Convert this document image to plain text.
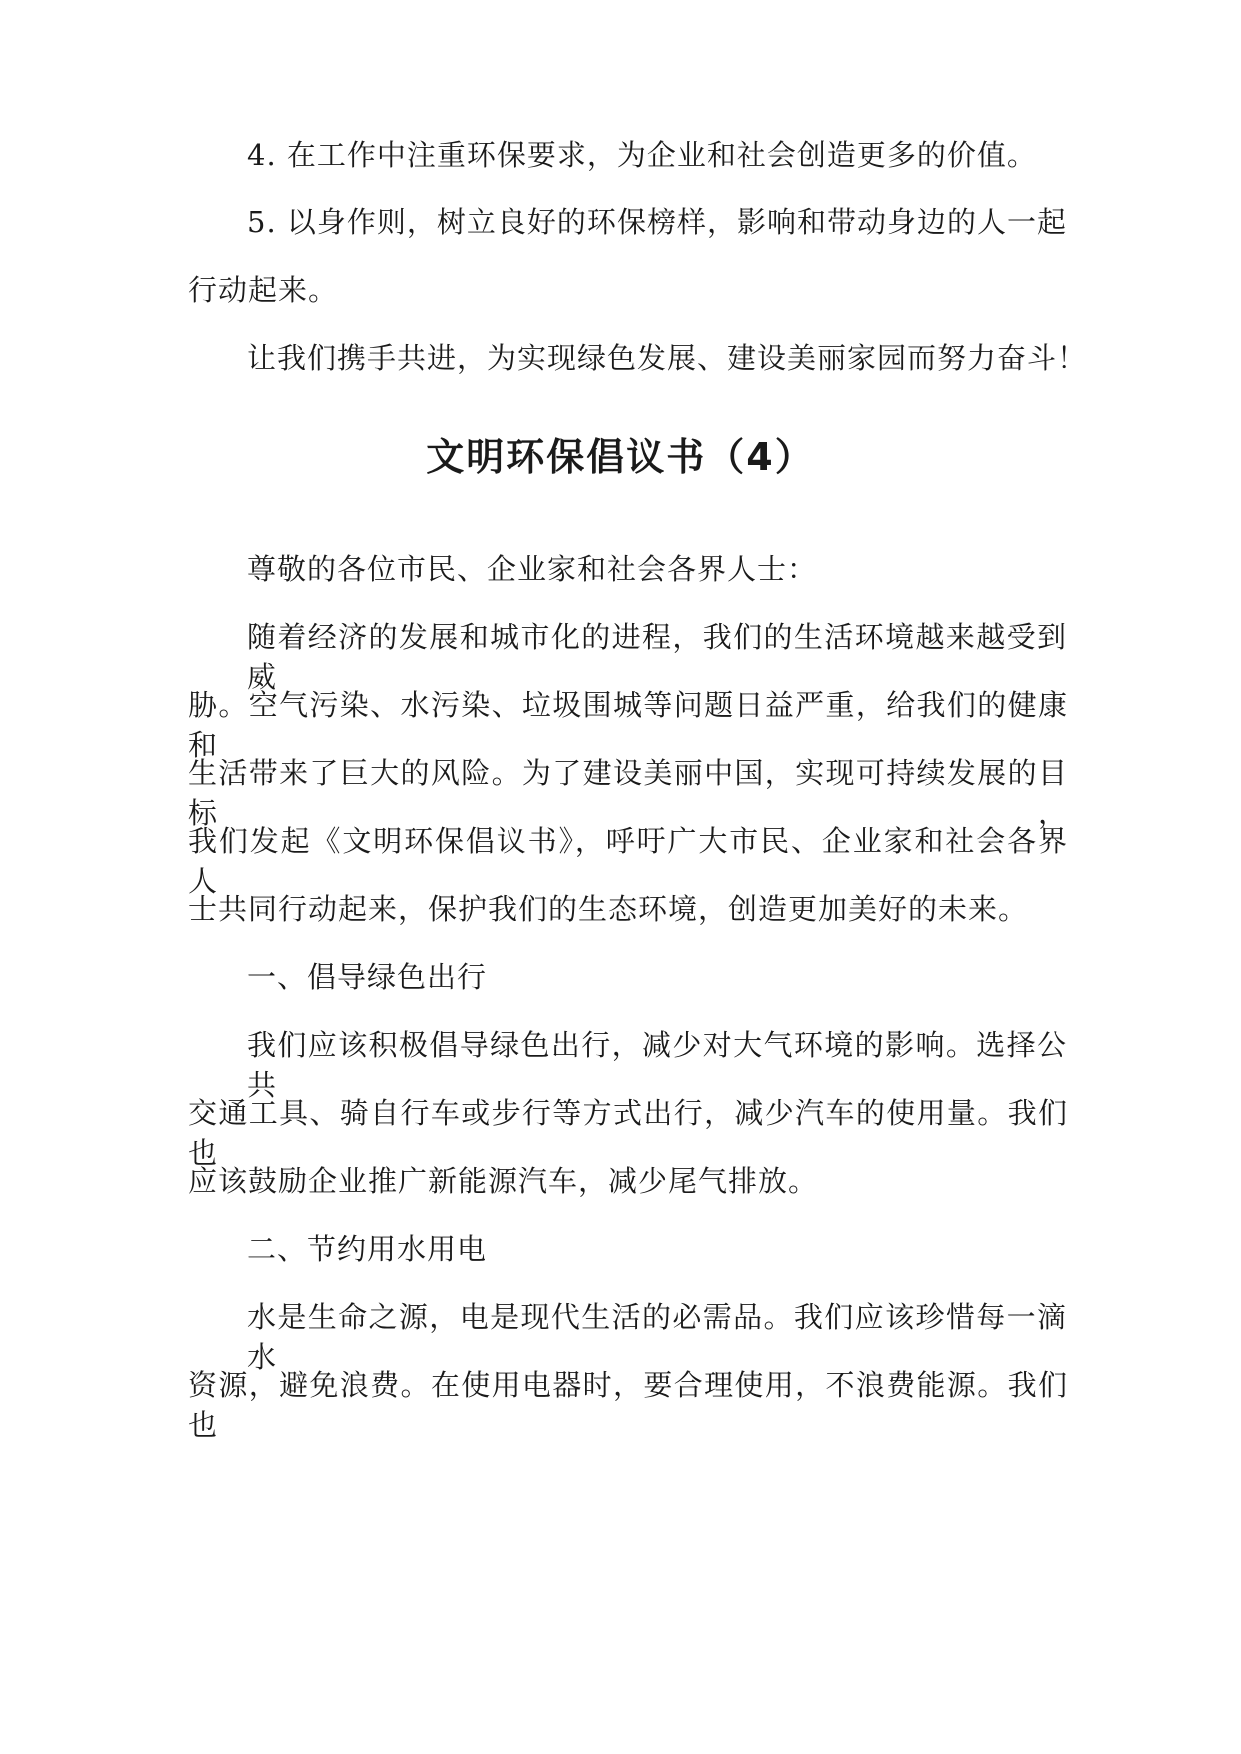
4. 在工作中注重环保要求，为企业和社会创造更多的价值。
5. 以身作则，树立良好的环保榜样，影响和带动身边的人一起
行动起来。
让我们携手共进，为实现绿色发展、建设美丽家园而努力奋斗！
文明环保倡议书（4）
尊敬的各位市民、企业家和社会各界人士：
随着经济的发展和城市化的进程，我们的生活环境越来越受到威
胁。空气污染、水污染、垃圾围城等问题日益严重，给我们的健康和
生活带来了巨大的风险。为了建设美丽中国，实现可持续发展的目标，
我们发起《文明环保倡议书》，呼吁广大市民、企业家和社会各界人
士共同行动起来，保护我们的生态环境，创造更加美好的未来。
一、倡导绿色出行
我们应该积极倡导绿色出行，减少对大气环境的影响。选择公共
交通工具、骑自行车或步行等方式出行，减少汽车的使用量。我们也
应该鼓励企业推广新能源汽车，减少尾气排放。
二、节约用水用电
水是生命之源，电是现代生活的必需品。我们应该珍惜每一滴水
资源，避免浪费。在使用电器时，要合理使用，不浪费能源。我们也
